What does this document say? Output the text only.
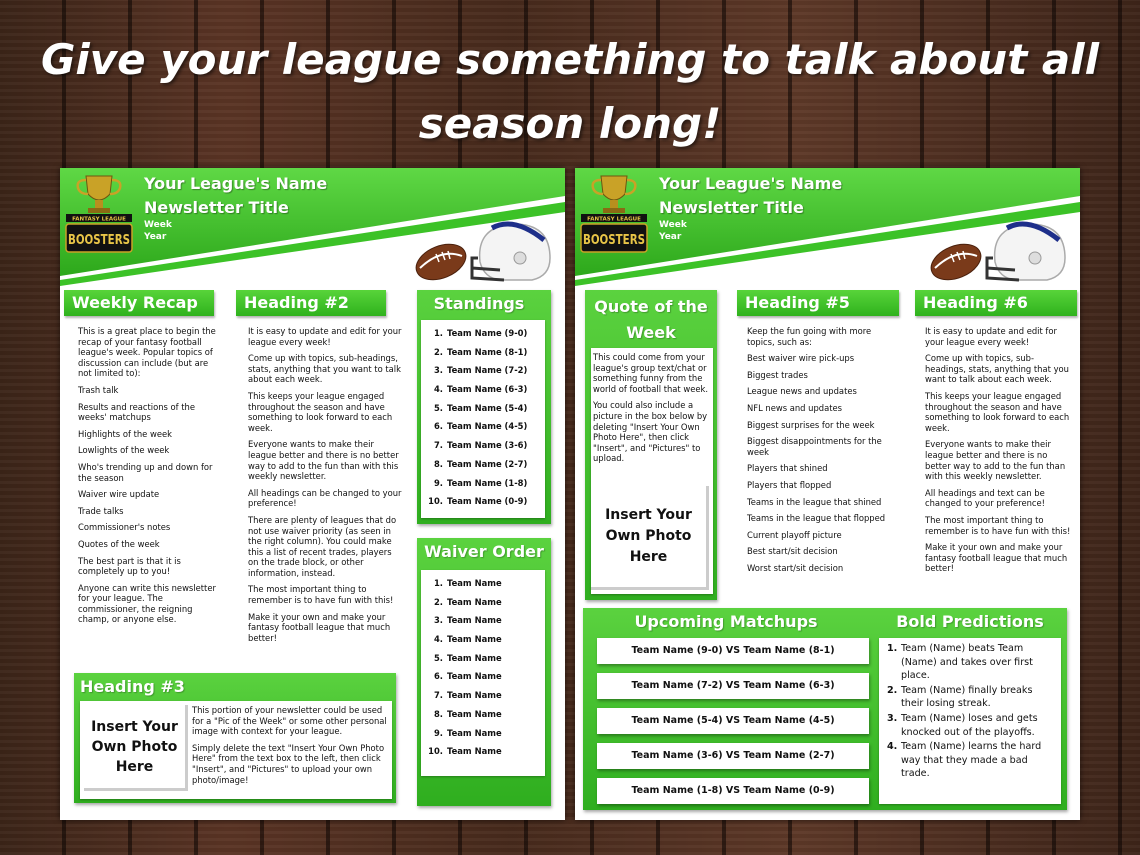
Give your league something to talk about all
season long!
FANTASY LEAGUE
BOOSTERS
Your League's Name
Newsletter Title
Week
Year
Weekly Recap

This is a great place to begin the recap of your fantasy football league's week. Popular topics of discussion can include (but are not limited to):

Trash talk

Results and reactions of the weeks' matchups

Highlights of the week

Lowlights of the week

Who's trending up and down for the season

Waiver wire update

Trade talks

Commissioner's notes

Quotes of the week

The best part is that it is completely up to you!

Anyone can write this newsletter for your league. The commissioner, the reigning champ, or anyone else.

Heading #2

It is easy to update and edit for your league every week!

Come up with topics, sub-headings, stats, anything that you want to talk about each week.

This keeps your league engaged throughout the season and have something to look forward to each week.

Everyone wants to make their league better and there is no better way to add to the fun than with this weekly newsletter.

All headings can be changed to your preference!

There are plenty of leagues that do not use waiver priority (as seen in the right column). You could make this a list of recent trades, players on the trade block, or other information, instead.

The most important thing to remember is to have fun with this!

Make it your own and make your fantasy football league that much better!

Standings
1. Team Name (9-0)
2. Team Name (8-1)
3. Team Name (7-2)
4. Team Name (6-3)
5. Team Name (5-4)
6. Team Name (4-5)
7. Team Name (3-6)
8. Team Name (2-7)
9. Team Name (1-8)
10. Team Name (0-9)
Waiver Order
1. Team Name
2. Team Name
3. Team Name
4. Team Name
5. Team Name
6. Team Name
7. Team Name
8. Team Name
9. Team Name
10. Team Name
Heading #3
Insert Your Own Photo Here

This portion of your newsletter could be used for a "Pic of the Week" or some other personal image with context for your league.

Simply delete the text "Insert Your Own Photo Here" from the text box to the left, then click "Insert", and "Pictures" to upload your own photo/image!

FANTASY LEAGUE
BOOSTERS
Your League's Name
Newsletter Title
Week
Year
Quote of the Week

This could come from your league's group text/chat or something funny from the world of football that week.

You could also include a picture in the box below by deleting "Insert Your Own Photo Here", then click "Insert", and "Pictures" to upload.

Insert Your Own Photo Here
Heading #5

Keep the fun going with more topics, such as:

Best waiver wire pick-ups

Biggest trades

League news and updates

NFL news and updates

Biggest surprises for the week

Biggest disappointments for the week

Players that shined

Players that flopped

Teams in the league that shined

Teams in the league that flopped

Current playoff picture

Best start/sit decision

Worst start/sit decision

Heading #6

It is easy to update and edit for your league every week!

Come up with topics, sub-headings, stats, anything that you want to talk about each week.

This keeps your league engaged throughout the season and have something to look forward to each week.

Everyone wants to make their league better and there is no better way to add to the fun than with this weekly newsletter.

All headings and text can be changed to your preference!

The most important thing to remember is to have fun with this!

Make it your own and make your fantasy football league that much better!

Upcoming Matchups
Team Name (9-0) VS Team Name (8-1)
Team Name (7-2) VS Team Name (6-3)
Team Name (5-4) VS Team Name (4-5)
Team Name (3-6) VS Team Name (2-7)
Team Name (1-8) VS Team Name (0-9)
Bold Predictions
1. Team (Name) beats Team (Name) and takes over first place.
2. Team (Name) finally breaks their losing streak.
3. Team (Name) loses and gets knocked out of the playoffs.
4. Team (Name) learns the hard way that they made a bad trade.
